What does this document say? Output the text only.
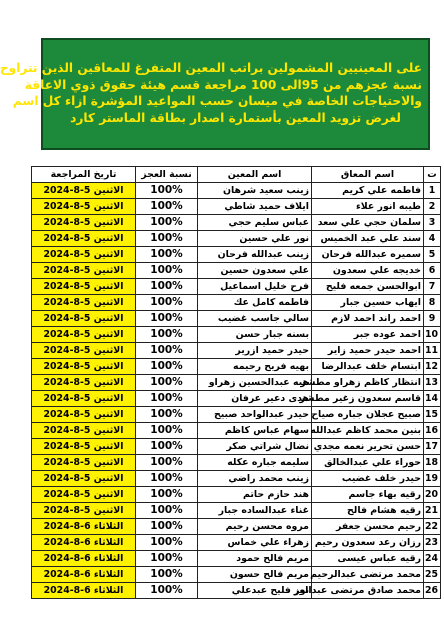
على المعينيين المشمولين براتب المعين المتفرغ للمعاقين الذين تتراوح
نسبة عجزهم من 95الى 100 مراجعة قسم هيئة حقوق ذوي الاعاقة
والاحتياجات الخاصة في ميسان حسب المواعيد المؤشرة ازاء كل اسم
لغرض تزويد المعين بأستمارة اصدار بطاقة الماستر كارد
ت	اسم المعاق	اسم المعين	نسبة العجز	تاريخ المراجعة
1	فاطمه علي كريم	زينب سعيد شرهان	100%	الاثنين 5-8-2024
2	طيبه انور علاء	ايلاف حميد شاطي	100%	الاثنين 5-8-2024
3	سلمان حجي علي سعد	عباس سليم حجي	100%	الاثنين 5-8-2024
4	سند علي عبد الخميس	نور علي حسين	100%	الاثنين 5-8-2024
5	سميره عبدالله فرحان	زينب عبدالله فرحان	100%	الاثنين 5-8-2024
6	خديجه علي سعدون	علي سعدون حسين	100%	الاثنين 5-8-2024
7	ابوالحسن جمعه فليح	فرح خليل اسماعيل	100%	الاثنين 5-8-2024
8	ايهاب حسين جبار	فاطمه كامل عك	100%	الاثنين 5-8-2024
9	احمد راند احمد لازم	سالي جاسب غضيب	100%	الاثنين 5-8-2024
10	احمد عوده جبر	بسنه جبار حسن	100%	الاثنين 5-8-2024
11	احمد حيدر حميد زاير	حيدر حميد ازرير	100%	الاثنين 5-8-2024
12	ابتسام خلف عبدالرضا	بهيه فريح رحيمه	100%	الاثنين 5-8-2024
13	انتظار كاظم زهراو مطشر	هبه عبدالحسين زهراو	100%	الاثنين 5-8-2024
14	قاسم سعدون زغير مطشر	هدى دعير عرفان	100%	الاثنين 5-8-2024
15	صبيح عجلان جباره صياح	حيدر عبدالواحد صبيح	100%	الاثنين 5-8-2024
16	بنين محمد كاظم عبدالله	سهام عباس كاظم	100%	الاثنين 5-8-2024
17	حسن تحرير نعمه مجدي	نضال شراتي صكر	100%	الاثنين 5-8-2024
18	حوراء علي عبدالخالق	سليمه جباره عكله	100%	الاثنين 5-8-2024
19	حيدر خلف غضيب	زينب محمد راضي	100%	الاثنين 5-8-2024
20	رقيه بهاء جاسم	هند حازم حاتم	100%	الاثنين 5-8-2024
21	رقيه هشام فالح	غناء عبدالساده جبار	100%	الاثنين 5-8-2024
22	رحيم محسن جعفر	مروه محسن رحيم	100%	الثلاثاء 6-8-2024
23	رزان رعد سعدون رحيم	زهراء علي خماس	100%	الثلاثاء 6-8-2024
24	رقيه عباس عيسى	مريم فالح حمود	100%	الثلاثاء 6-8-2024
25	محمد مرتضى عبدالرحيم	مريم فالح حسون	100%	الثلاثاء 6-8-2024
26	محمد صادق مرتضى عبدالعز	نور فليح عبدعلي	100%	الثلاثاء 6-8-2024
